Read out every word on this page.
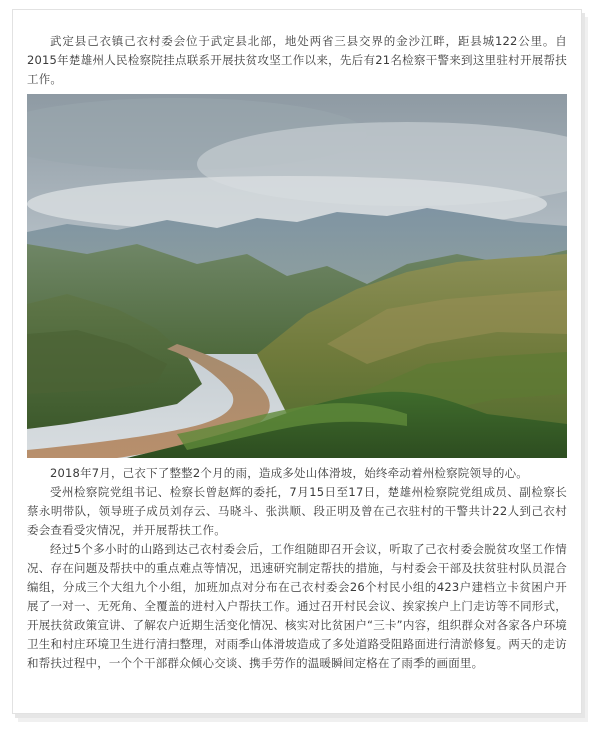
武定县己衣镇己衣村委会位于武定县北部，地处两省三县交界的金沙江畔，距县城122公里。自2015年楚雄州人民检察院挂点联系开展扶贫攻坚工作以来，先后有21名检察干警来到这里驻村开展帮扶工作。

2018年7月，己衣下了整整2个月的雨，造成多处山体滑坡，始终牵动着州检察院领导的心。

受州检察院党组书记、检察长曾赵辉的委托，7月15日至17日，楚雄州检察院党组成员、副检察长蔡永明带队，领导班子成员刘存云、马晓斗、张洪顺、段正明及曾在己衣驻村的干警共计22人到己衣村委会查看受灾情况，并开展帮扶工作。

经过5个多小时的山路到达己衣村委会后，工作组随即召开会议，听取了己衣村委会脱贫攻坚工作情况、存在问题及帮扶中的重点难点等情况，迅速研究制定帮扶的措施，与村委会干部及扶贫驻村队员混合编组，分成三个大组九个小组，加班加点对分布在己衣村委会26个村民小组的423户建档立卡贫困户开展了一对一、无死角、全覆盖的进村入户帮扶工作。通过召开村民会议、挨家挨户上门走访等不同形式，开展扶贫政策宣讲、了解农户近期生活变化情况、核实对比贫困户“三卡”内容，组织群众对各家各户环境卫生和村庄环境卫生进行清扫整理，对雨季山体滑坡造成了多处道路受阻路面进行清淤修复。两天的走访和帮扶过程中，一个个干部群众倾心交谈、携手劳作的温暖瞬间定格在了雨季的画面里。
